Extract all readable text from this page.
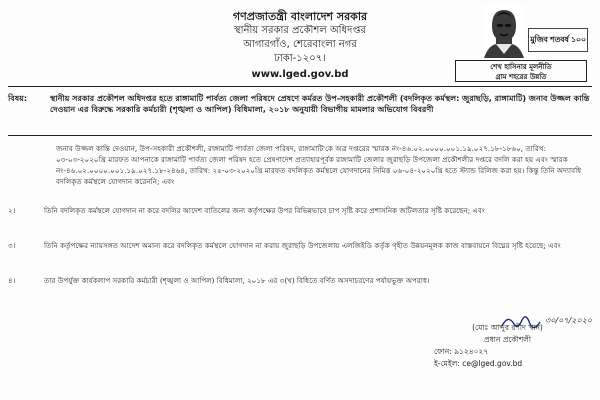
গণপ্রজাতন্ত্রী বাংলাদেশ সরকার
স্থানীয় সরকার প্রকৌশল অধিদপ্তর
আগারগাঁও, শেরেবাংলা নগর
ঢাকা-১২০৭।
www.lged.gov.bd
মুজিব শতবর্ষ ১০০
শেখ হাসিনার মূলনীতি
গ্রাম শহরের উন্নতি
বিষয়:	স্থানীয় সরকার প্রকৌশল অধিদপ্তর হতে রাঙ্গামাটি পার্বত্য জেলা পরিষদে প্রেষণে কর্মরত উপ-সহকারী প্রকৌশলী (বদলিকৃত কর্মস্থল: জুরাছড়ি, রাঙ্গামাটি) জনাব উজ্জল কান্তি দেওয়ান এর বিরুদ্ধে সরকারি কর্মচারী (শৃঙ্খলা ও আপিল) বিধিমালা, ২০১৮ অনুযায়ী বিভাগীয় মামলার অভিযোগ বিবরণী
জনাব উজ্জল কান্তি দেওয়ান, উপ-সহকারী প্রকৌশলী, রাঙ্গামাটি পার্বত্য জেলা পরিষদ, রাঙ্গামাটি'কে অত্র দপ্তরের স্মারক নং-৪৬.০২.০০০০.০০১.১৯.০২৭.১৮-১৮৬০, তারিখ: ০৩-০৩-২০২০খ্রি মারফত আপনাকে রাঙ্গামাটি পার্বত্য জেলা পরিষদ হতে প্রেষণাদেশ প্রত্যাহারপূর্বক রাঙ্গামাটি জেলার জুরাছড়ি উপজেলা প্রকৌশলীর দপ্তরে বদলি করা হয় এবং স্মারক নং-৪৬.০২.০০০০.০০১.১৯.০২৭.১৮-২৪৬৪, তারিখ: ২৫-০৩-২০২০খ্রি মারফত বদলিকৃত কর্মস্থলে যোগদানের নিমিত্ত ০৬-০৪-২০২০খ্রি হতে স্ট্যান্ড রিলিজ করা হয়। কিন্তু তিনি অদ্যাবধি বদলিকৃত কর্মস্থলে যোগদান করেননি; এবং
২।	তিনি বদলিকৃত কর্মস্থলে যোগদান না করে বদলির আদেশ বাতিলের জন্য কর্তৃপক্ষের উপর বিভিন্নভাবে চাপ সৃষ্টি করে প্রশাসনিক জটিলতার সৃষ্টি করেছেন; এবং
৩।	তিনি কর্তৃপক্ষের ন্যায়সঙ্গত আদেশ অমান্য করে বদলিকৃত কর্মস্থলে যোগদান না করায় জুরাছড়ি উপজেলায় এলজিইডি কর্তৃক গৃহীত উন্নয়নমূলক কাজ বাস্তবায়নে বিঘ্নের সৃষ্টি হয়েছে; এবং
৪।	তার উপর্যুক্ত কার্যকলাপ সরকারি কর্মচারী (শৃঙ্খলা ও আপিল) বিধিমালা, ২০১৮ এর ৩(খ) বিধিতে বর্ণিত অসদাচরণের পর্যায়ভুক্ত অপরাধ।
৩০/০৭/২০২০
(মোঃ আব্দুর রশীদ খান)
প্রধান প্রকৌশলী
ফোন: ৯১২৪০২৭
ই-মেইল: ce@lged.gov.bd
